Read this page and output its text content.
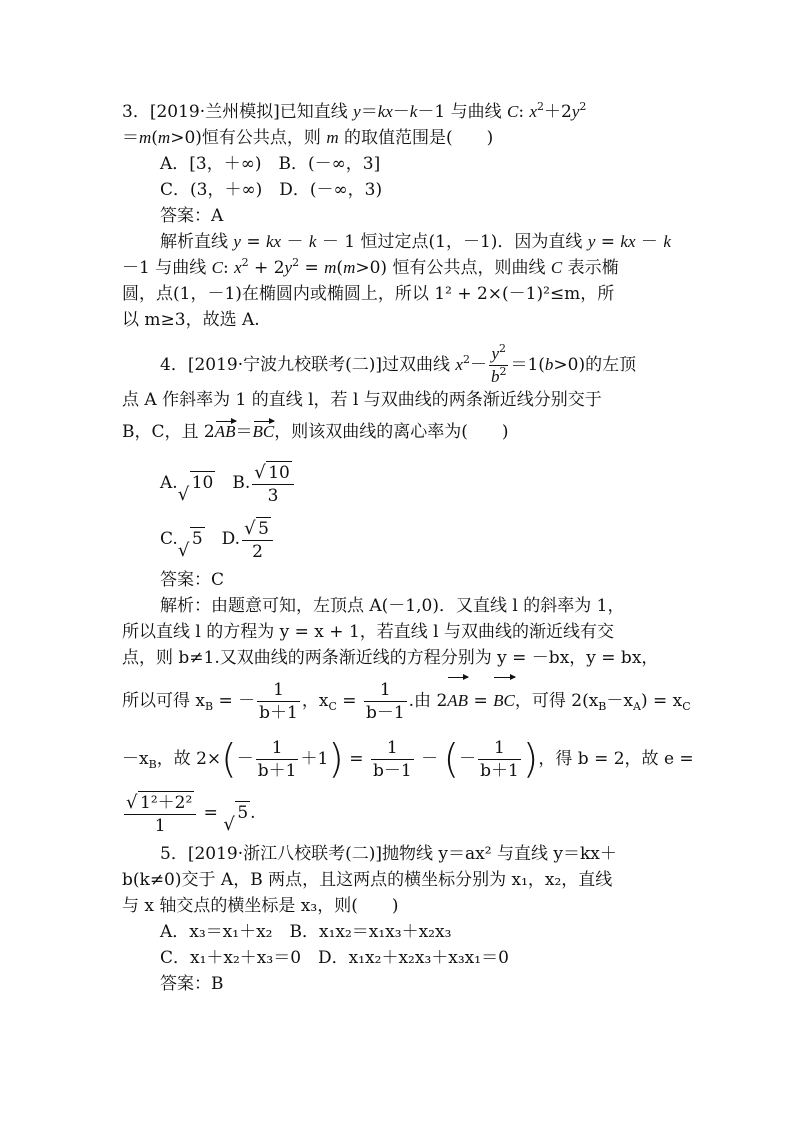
3．[2019·兰州模拟]已知直线 y＝kx－k－1 与曲线 C: $x^2+2y^2$
＝m(m>0)恒有公共点，则 m 的取值范围是(　　)
A．[3，＋∞)　B．(－∞，3]
C．(3，＋∞)　D．(－∞，3)
答案：A
解析直线 y = kx － k － 1 恒过定点(1，－1)．因为直线 y = kx － k
－1 与曲线 C: $x^2 + 2y^2 = m(m>0)$ 恒有公共点，则曲线 C 表示椭
圆，点(1，－1)在椭圆内或椭圆上，所以 1² + 2×(－1)²≤m，所
以 m≥3，故选 A.
4．[2019·宁波九校联考(二)]过双曲线 $x^2- \frac{y^2}{b^2} =1(b>0)$的左顶
点 A 作斜率为 1 的直线 l，若 l 与双曲线的两条渐近线分别交于
B，C，且 2AB＝BC，则该双曲线的离心率为(　　)
A.
√
10　 B. $\frac{√ 10}{3}$
C.
√
5　 D. $\frac{√ 5}{2}$
答案：C
解析：由题意可知，左顶点 A(－1,0)．又直线 l 的斜率为 1，
所以直线 l 的方程为 y = x + 1，若直线 l 与双曲线的渐近线有交
点，则 b≠1.又双曲线的两条渐近线的方程分别为 y = －bx，y = bx，
所以可得 $x_B$ = － $\frac{1}{b+1}$ ，$x_C = \frac{1}{b-1}$ .由 2AB = BC，可得 $2(x_B-x_A) = x_C$
$-x_B$，故 $2\times(- \frac{1}{b+1} +1) = \frac{1}{b-1}$ － (－ $\frac{1}{b+1}$ )，得 b = 2，故 e =
$\frac{\text{√ 1²＋2²}}{1}$ =
√
5 .
5．[2019·浙江八校联考(二)]抛物线 y＝ax² 与直线 y＝kx＋
b(k≠0)交于 A，B 两点，且这两点的横坐标分别为 x₁，x₂，直线
与 x 轴交点的横坐标是 x₃，则(　　)
A．x₃＝x₁＋x₂　B．x₁x₂＝x₁x₃＋x₂x₃
C．x₁＋x₂＋x₃＝0　D．x₁x₂＋x₂x₃＋x₃x₁＝0
答案：B
